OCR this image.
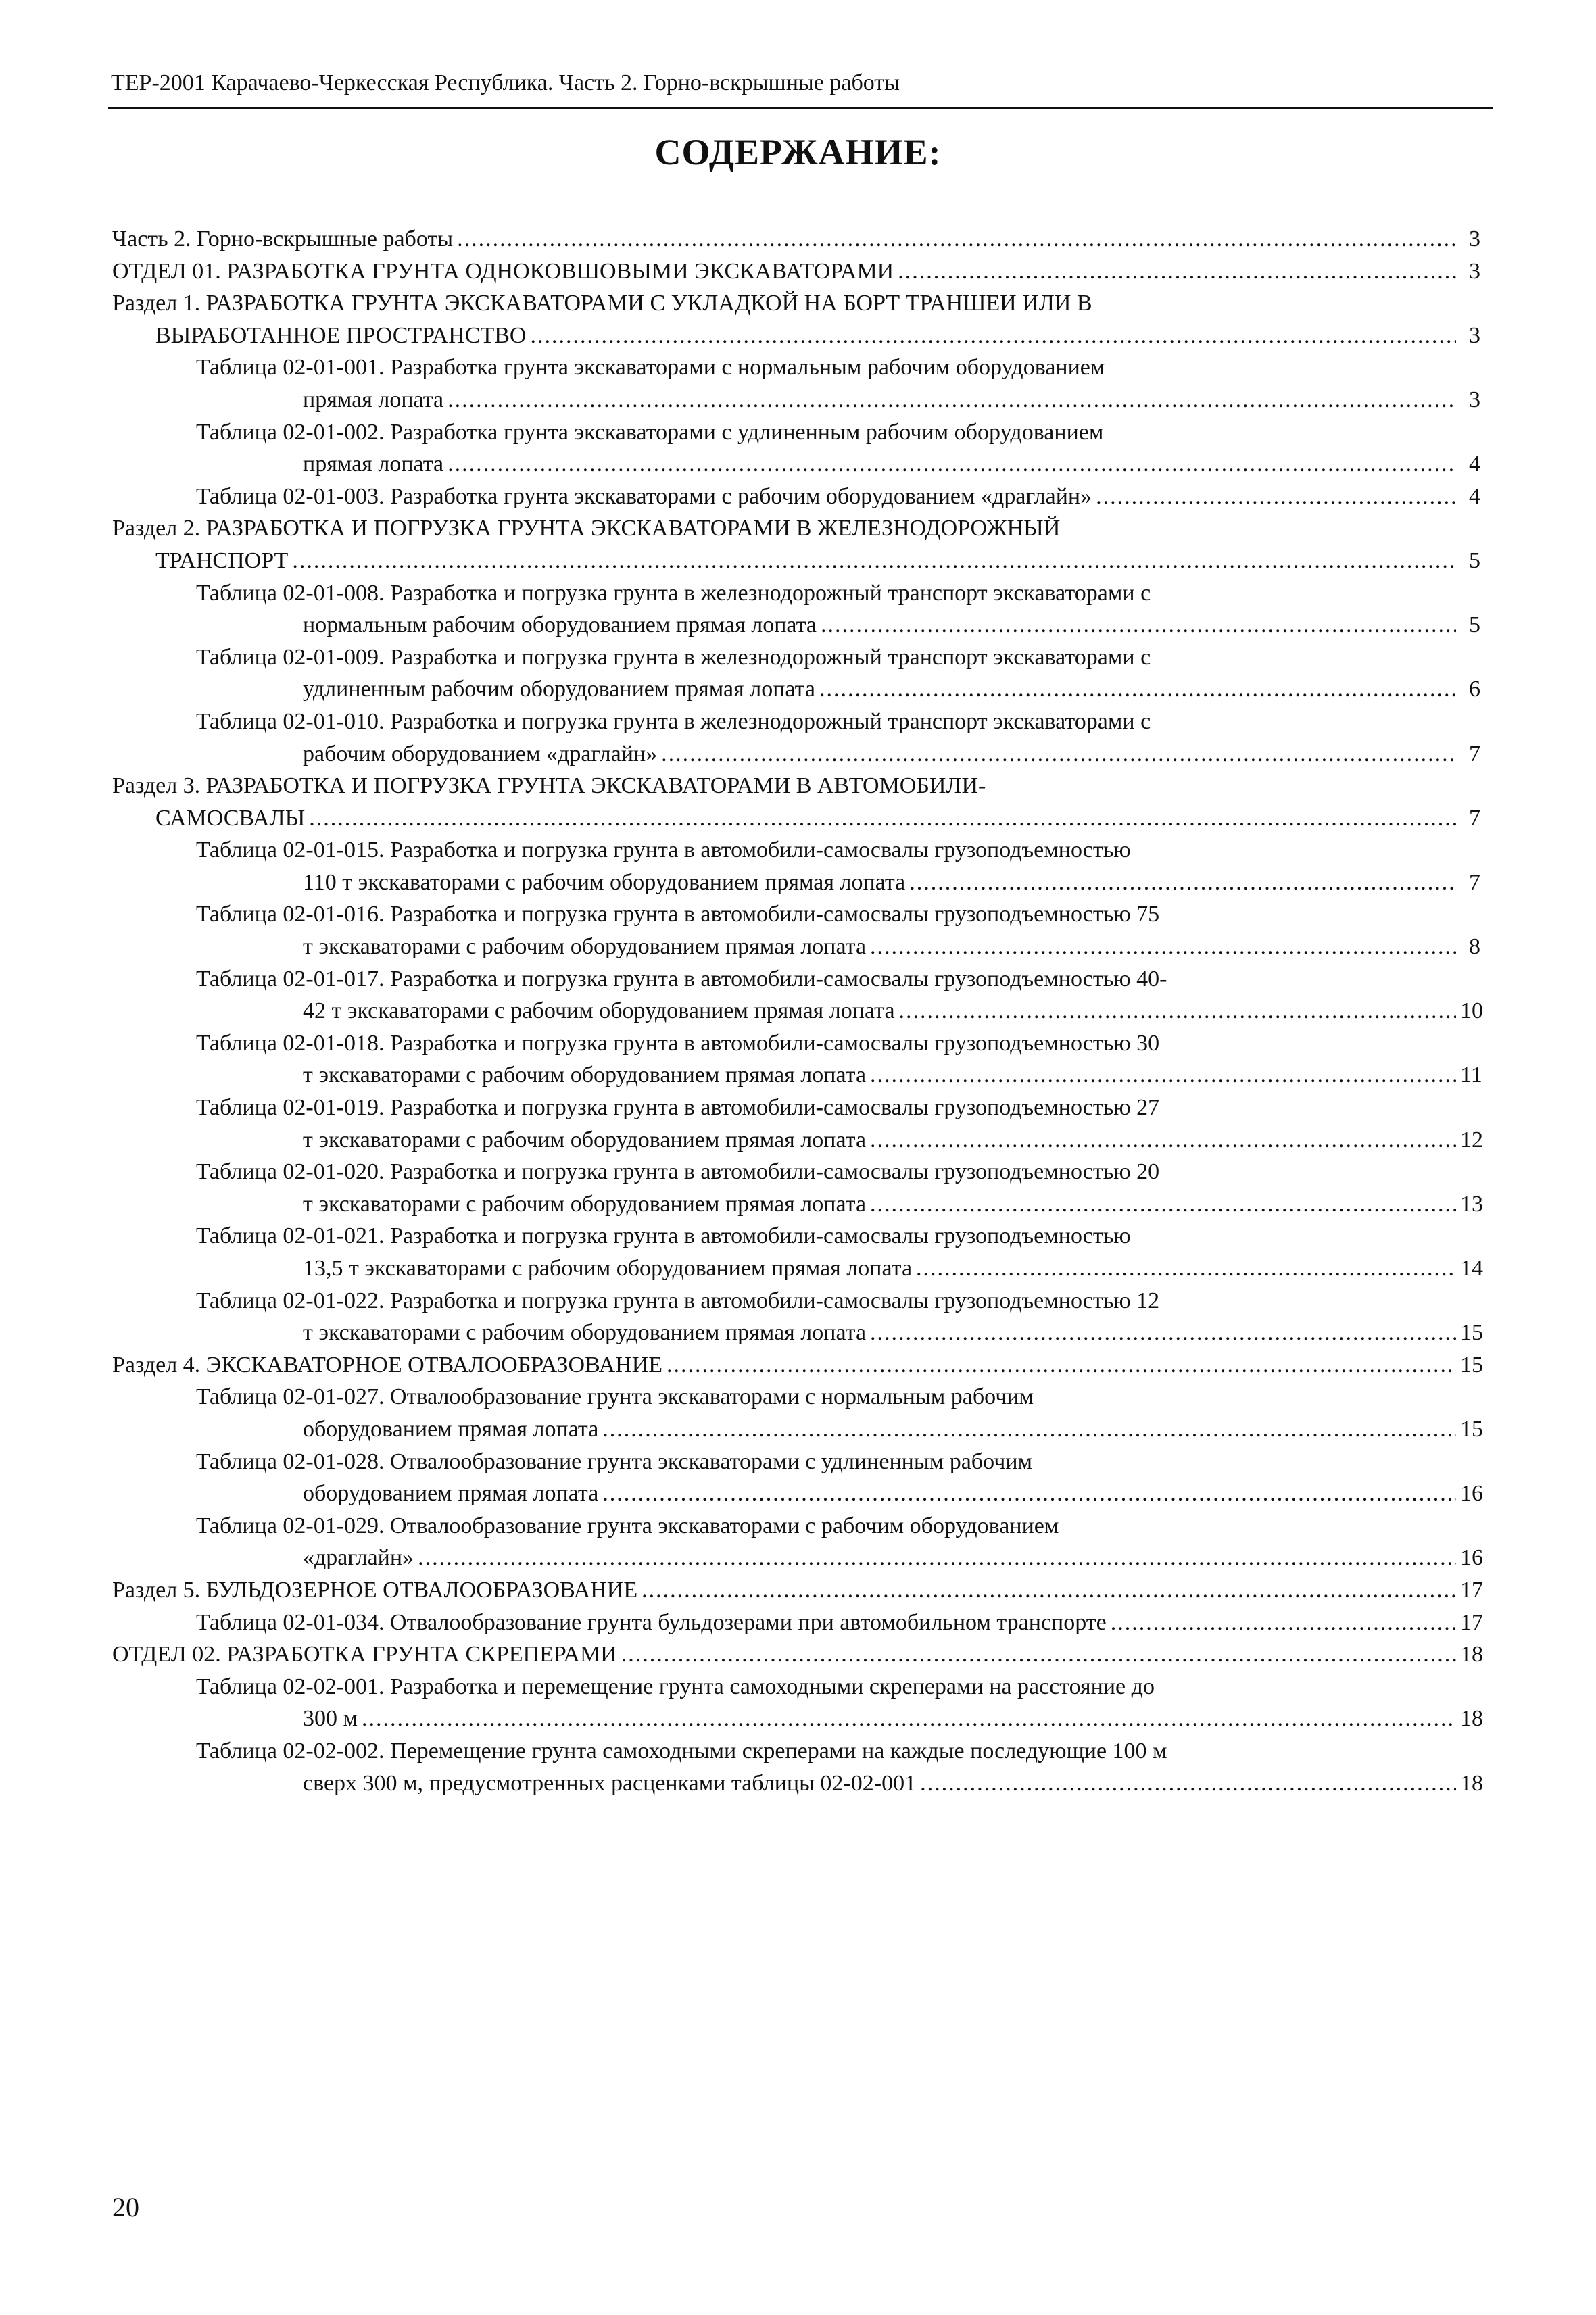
ТЕР-2001 Карачаево-Черкесская Республика. Часть 2. Горно-вскрышные работы
СОДЕРЖАНИЕ:
Часть 2. Горно-вскрышные работы .....	3
ОТДЕЛ 01. РАЗРАБОТКА ГРУНТА ОДНОКОВШОВЫМИ ЭКСКАВАТОРАМИ .....	3
Раздел 1. РАЗРАБОТКА ГРУНТА ЭКСКАВАТОРАМИ С УКЛАДКОЙ НА БОРТ ТРАНШЕИ ИЛИ В
ВЫРАБОТАННОЕ ПРОСТРАНСТВО .....	3
Таблица 02-01-001. Разработка грунта экскаваторами с нормальным рабочим оборудованием
прямая лопата .....	3
Таблица 02-01-002. Разработка грунта экскаваторами с удлиненным рабочим оборудованием
прямая лопата .....	4
Таблица 02-01-003. Разработка грунта экскаваторами с рабочим оборудованием «драглайн» .....	4
Раздел 2. РАЗРАБОТКА И ПОГРУЗКА ГРУНТА ЭКСКАВАТОРАМИ В ЖЕЛЕЗНОДОРОЖНЫЙ
ТРАНСПОРТ .....	5
Таблица 02-01-008. Разработка и погрузка грунта в железнодорожный транспорт экскаваторами с
нормальным рабочим оборудованием прямая лопата .....	5
Таблица 02-01-009. Разработка и погрузка грунта в железнодорожный транспорт экскаваторами с
удлиненным рабочим оборудованием прямая лопата .....	6
Таблица 02-01-010. Разработка и погрузка грунта в железнодорожный транспорт экскаваторами с
рабочим оборудованием «драглайн» .....	7
Раздел 3. РАЗРАБОТКА И ПОГРУЗКА ГРУНТА ЭКСКАВАТОРАМИ В АВТОМОБИЛИ-
САМОСВАЛЫ .....	7
Таблица 02-01-015. Разработка и погрузка грунта в автомобили-самосвалы грузоподъемностью
110 т экскаваторами с рабочим оборудованием прямая лопата .....	7
Таблица 02-01-016. Разработка и погрузка грунта в автомобили-самосвалы грузоподъемностью 75
т экскаваторами с рабочим оборудованием прямая лопата .....	8
Таблица 02-01-017. Разработка и погрузка грунта в автомобили-самосвалы грузоподъемностью 40-
42 т экскаваторами с рабочим оборудованием прямая лопата .....	10
Таблица 02-01-018. Разработка и погрузка грунта в автомобили-самосвалы грузоподъемностью 30
т экскаваторами с рабочим оборудованием прямая лопата .....	11
Таблица 02-01-019. Разработка и погрузка грунта в автомобили-самосвалы грузоподъемностью 27
т экскаваторами с рабочим оборудованием прямая лопата .....	12
Таблица 02-01-020. Разработка и погрузка грунта в автомобили-самосвалы грузоподъемностью 20
т экскаваторами с рабочим оборудованием прямая лопата .....	13
Таблица 02-01-021. Разработка и погрузка грунта в автомобили-самосвалы грузоподъемностью
13,5 т экскаваторами с рабочим оборудованием прямая лопата .....	14
Таблица 02-01-022. Разработка и погрузка грунта в автомобили-самосвалы грузоподъемностью 12
т экскаваторами с рабочим оборудованием прямая лопата .....	15
Раздел 4. ЭКСКАВАТОРНОЕ ОТВАЛООБРАЗОВАНИЕ .....	15
Таблица 02-01-027. Отвалообразование грунта экскаваторами с нормальным рабочим
оборудованием прямая лопата .....	15
Таблица 02-01-028. Отвалообразование грунта экскаваторами с удлиненным рабочим
оборудованием прямая лопата .....	16
Таблица 02-01-029. Отвалообразование грунта экскаваторами с рабочим оборудованием
«драглайн» .....	16
Раздел 5. БУЛЬДОЗЕРНОЕ ОТВАЛООБРАЗОВАНИЕ .....	17
Таблица 02-01-034. Отвалообразование грунта бульдозерами при автомобильном транспорте .....	17
ОТДЕЛ 02. РАЗРАБОТКА ГРУНТА СКРЕПЕРАМИ .....	18
Таблица 02-02-001. Разработка и перемещение грунта самоходными скреперами на расстояние до
300 м .....	18
Таблица 02-02-002. Перемещение грунта самоходными скреперами на каждые последующие 100 м
сверх 300 м, предусмотренных расценками таблицы 02-02-001 .....	18
20
